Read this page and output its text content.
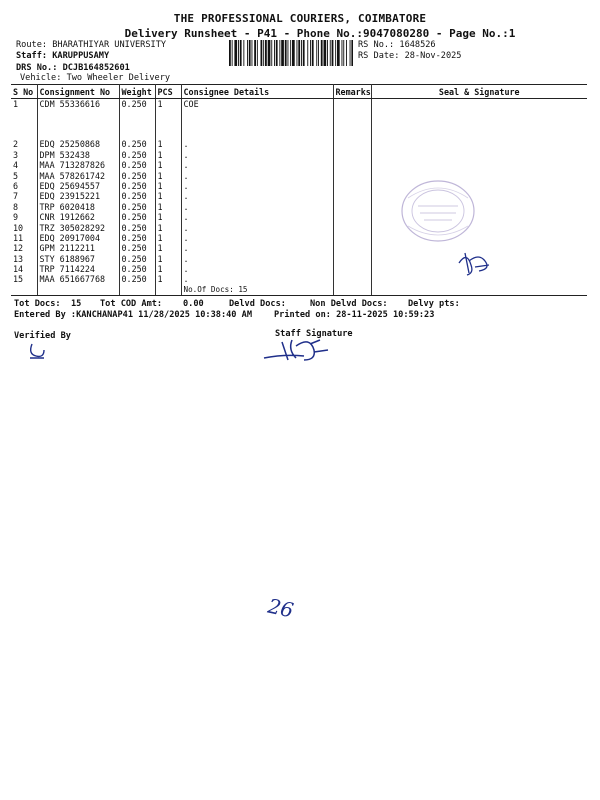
THE PROFESSIONAL COURIERS, COIMBATORE
Delivery Runsheet - P41 - Phone No.:9047080280 - Page No.:1
Route: BHARATHIYAR UNIVERSITY
Staff: KARUPPUSAMY
DRS No.: DCJB164852601
Vehicle: Two Wheeler Delivery
RS No.: 1648526
RS Date: 28-Nov-2025
S No	Consignment No	Weight	PCS	Consignee Details	Remarks	Seal & Signature
1	CDM 55336616	0.250	1	COE		

2	EDQ 25250868	0.250	1	.		
3	DPM 532438	0.250	1	.		
4	MAA 713287826	0.250	1	.		
5	MAA 578261742	0.250	1	.		
6	EDQ 25694557	0.250	1	.		
7	EDQ 23915221	0.250	1	.		
8	TRP 6020418	0.250	1	.		
9	CNR 1912662	0.250	1	.		
10	TRZ 305028292	0.250	1	.		
11	EDQ 20917004	0.250	1	.		
12	GPM 2112211	0.250	1	.		
13	STY 6188967	0.250	1	.		
14	TRP 7114224	0.250	1	.		
15	MAA 651667768	0.250	1	.		
				No.Of Docs: 15		
Tot Docs: 15 Tot COD Amt: 0.00	Delvd Docs:	Non Delvd Docs: Delvy pts:
Entered By :KANCHANAP41 11/28/2025 10:38:40 AM	Printed on: 28-11-2025 10:59:23
Verified By	Staff Signature
26
